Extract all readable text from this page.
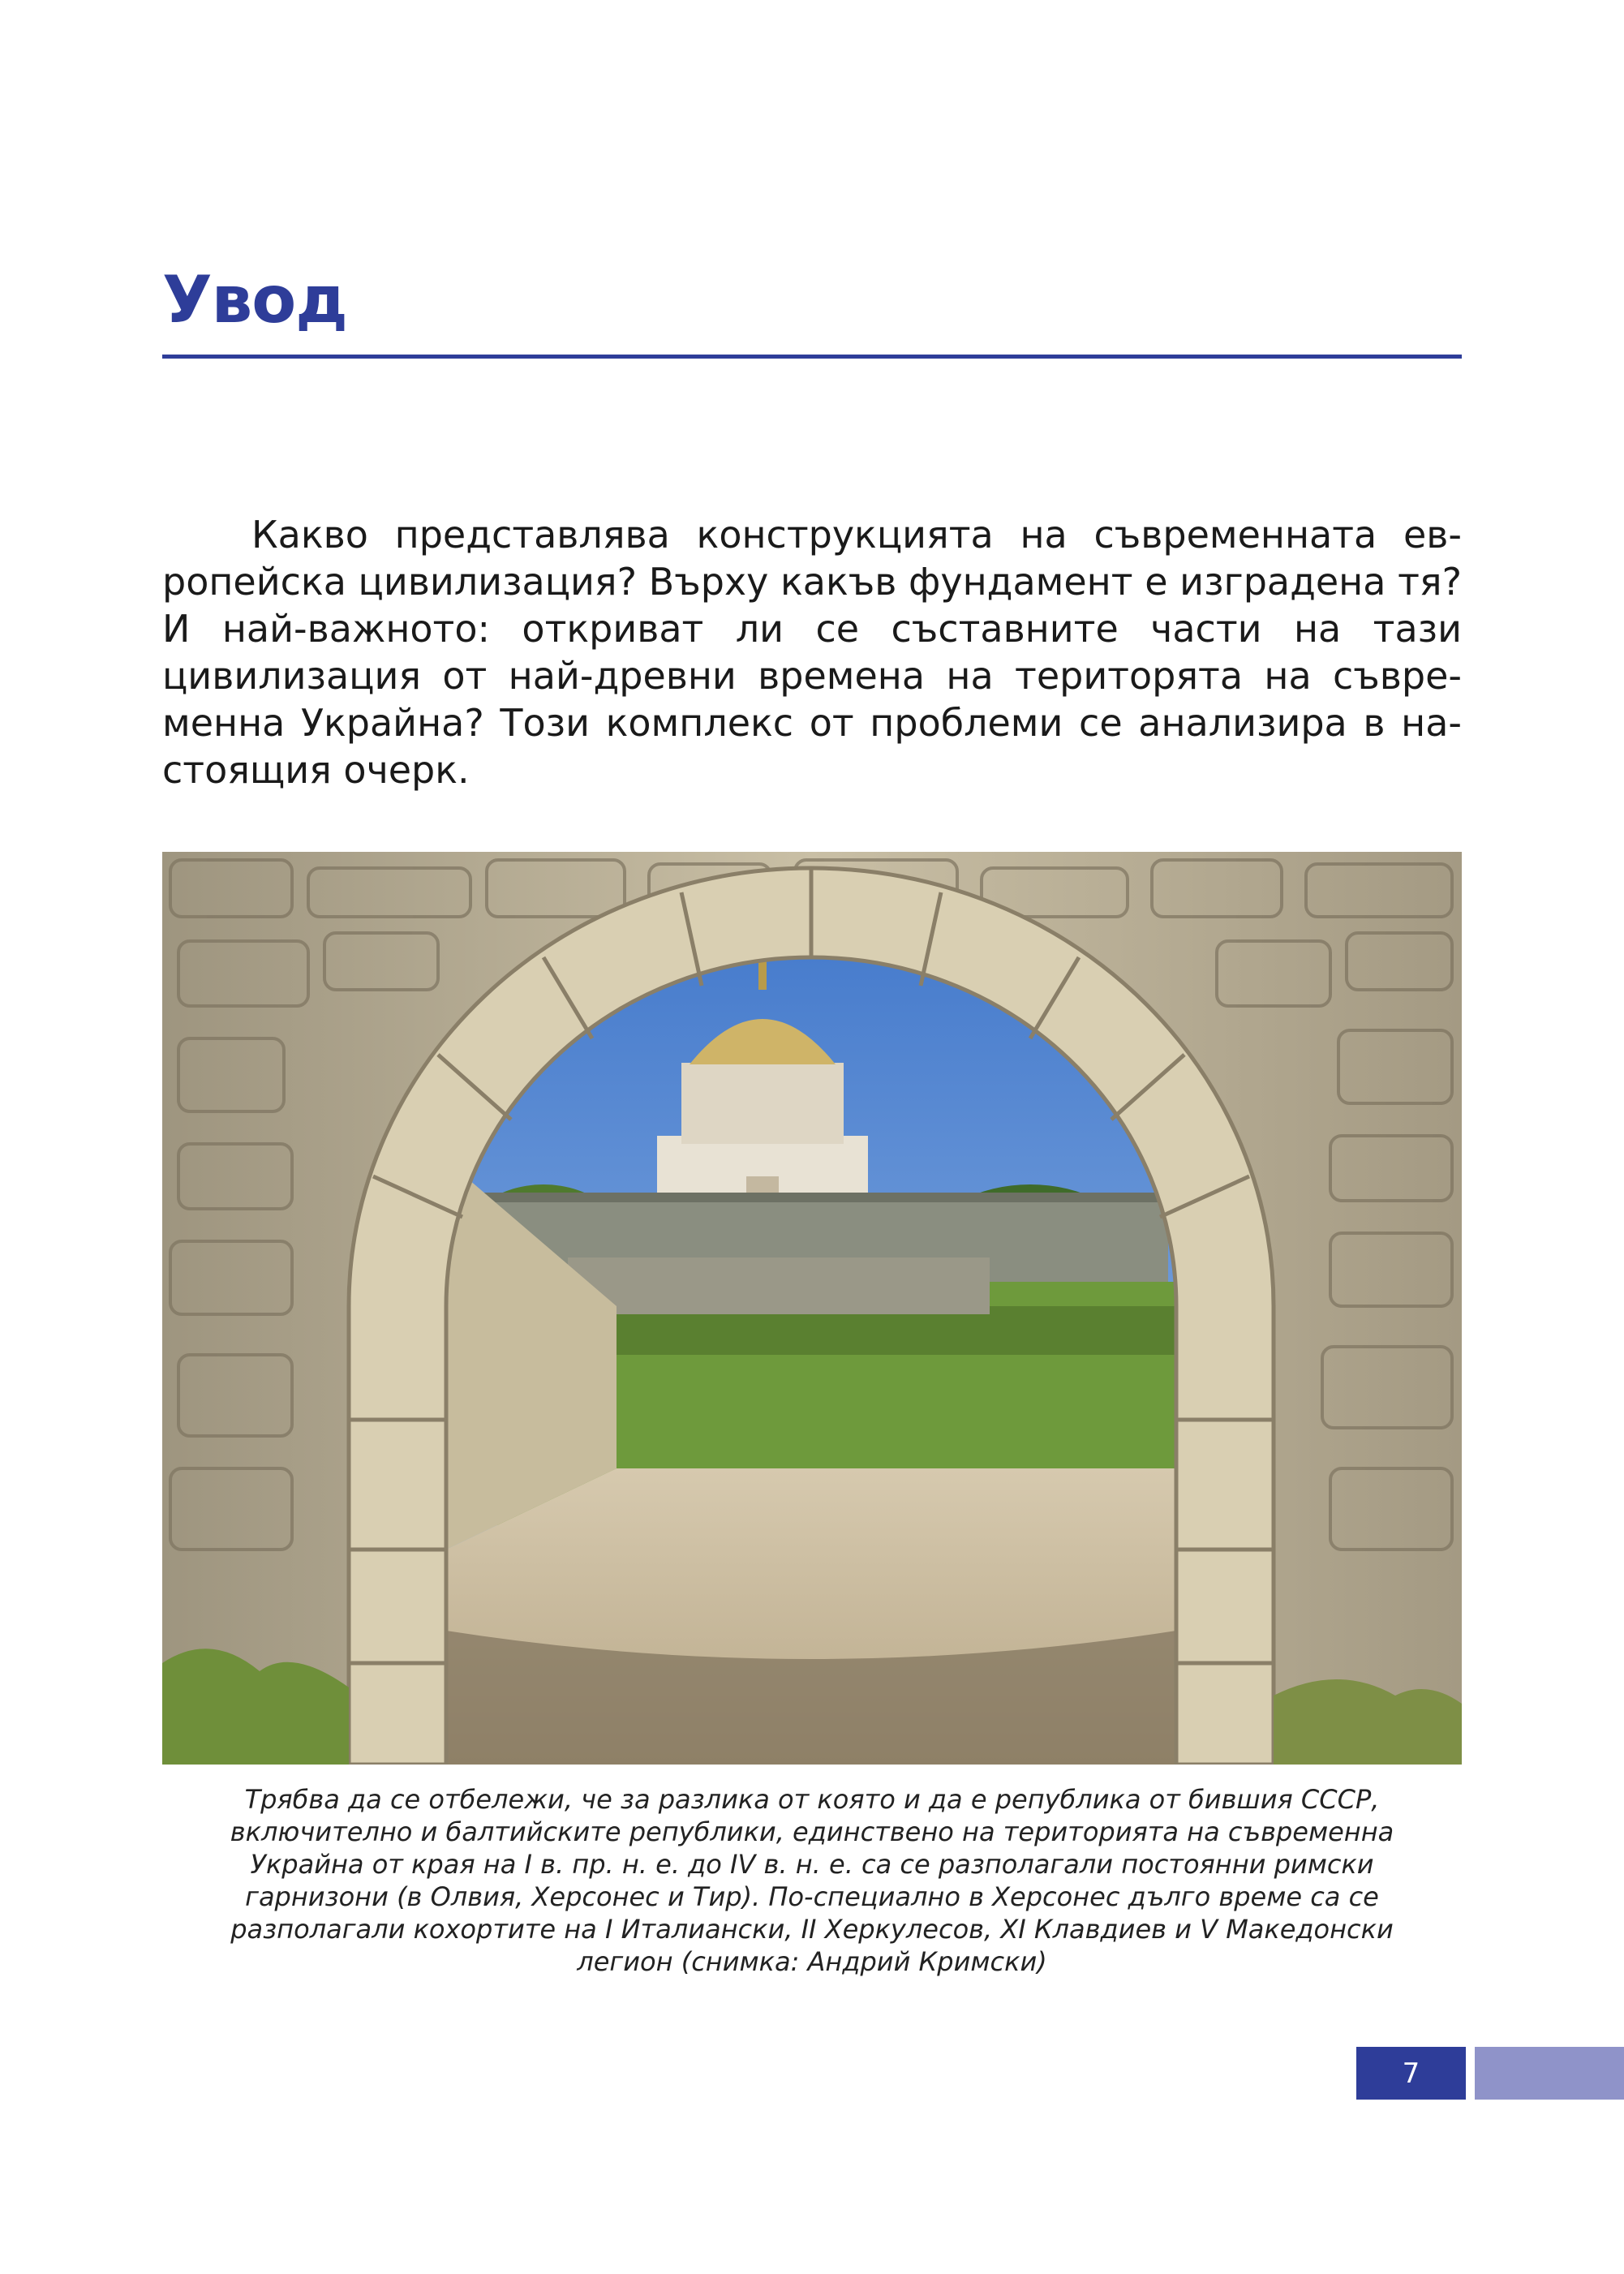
Увод

Какво представлява конструкцията на съвременната ев-
ропейска цивилизация? Върху какъв фундамент е изградена тя?
И най-важното: откриват ли се съставните части на тази
цивилизация от най-древни времена на територята на съвре-
менна Украйна? Този комплекс от проблеми се анализира в на-
стоящия очерк.

Трябва да се отбележи, че за разлика от която и да е република от бившия СССР,
включително и балтийските републики, единствено на територията на съвременна
Украйна от края на I в. пр. н. е. до IV в. н. е. са се разполагали постоянни римски
гарнизони (в Олвия, Херсонес и Тир). По-специално в Херсонес дълго време са се
разполагали кохортите на I Италиански, II Херкулесов, XI Клавдиев и V Македонски
легион (снимка: Андрий Кримски)

7
